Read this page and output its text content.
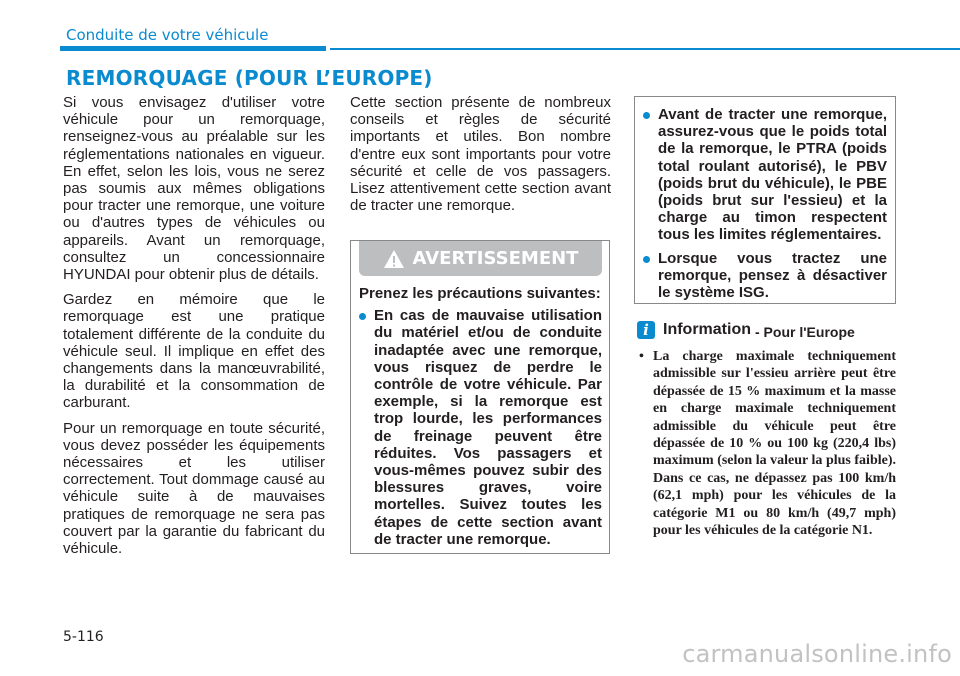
Conduite de votre véhicule
REMORQUAGE (POUR L’EUROPE)

Si vous envisagez d'utiliser votre véhicule pour un remorquage, renseignez-vous au préalable sur les réglementations nationales en vigueur. En effet, selon les lois, vous ne serez pas soumis aux mêmes obligations pour tracter une remorque, une voiture ou d'autres types de véhicules ou appareils. Avant un remorquage, consultez un concessionnaire HYUNDAI pour obtenir plus de détails.

Gardez en mémoire que le remorquage est une pratique totalement différente de la conduite du véhicule seul. Il implique en effet des changements dans la manœuvrabilité, la durabilité et la consommation de carburant.

Pour un remorquage en toute sécurité, vous devez posséder les équipements nécessaires et les utiliser correctement. Tout dommage causé au véhicule suite à de mauvaises pratiques de remorquage ne sera pas couvert par la garantie du fabricant du véhicule.

Cette section présente de nombreux conseils et règles de sécurité importants et utiles. Bon nombre d'entre eux sont importants pour votre sécurité et celle de vos passagers. Lisez attentivement cette section avant de tracter une remorque.

AVERTISSEMENT

Prenez les précautions suivantes:

En cas de mauvaise utilisation du matériel et/ou de conduite inadaptée avec une remorque, vous risquez de perdre le contrôle de votre véhicule. Par exemple, si la remorque est trop lourde, les performances de freinage peuvent être réduites. Vos passagers et vous-mêmes pouvez subir des blessures graves, voire mortelles. Suivez toutes les étapes de cette section avant de tracter une remorque.
Avant de tracter une remorque, assurez-vous que le poids total de la remorque, le PTRA (poids total roulant autorisé), le PBV (poids brut du véhicule), le PBE (poids brut sur l'essieu) et la charge au timon respectent tous les limites réglementaires.
Lorsque vous tractez une remorque, pensez à désactiver le système ISG.
i Information - Pour l'Europe
• La charge maximale techniquement admissible sur l'essieu arrière peut être dépassée de 15 % maximum et la masse en charge maximale techniquement admissible du véhicule peut être dépassée de 10 % ou 100 kg (220,4 lbs) maximum (selon la valeur la plus faible). Dans ce cas, ne dépassez pas 100 km/h (62,1 mph) pour les véhicules de la catégorie M1 ou 80 km/h (49,7 mph) pour les véhicules de la catégorie N1.
5-116
carmanualsonline.info
